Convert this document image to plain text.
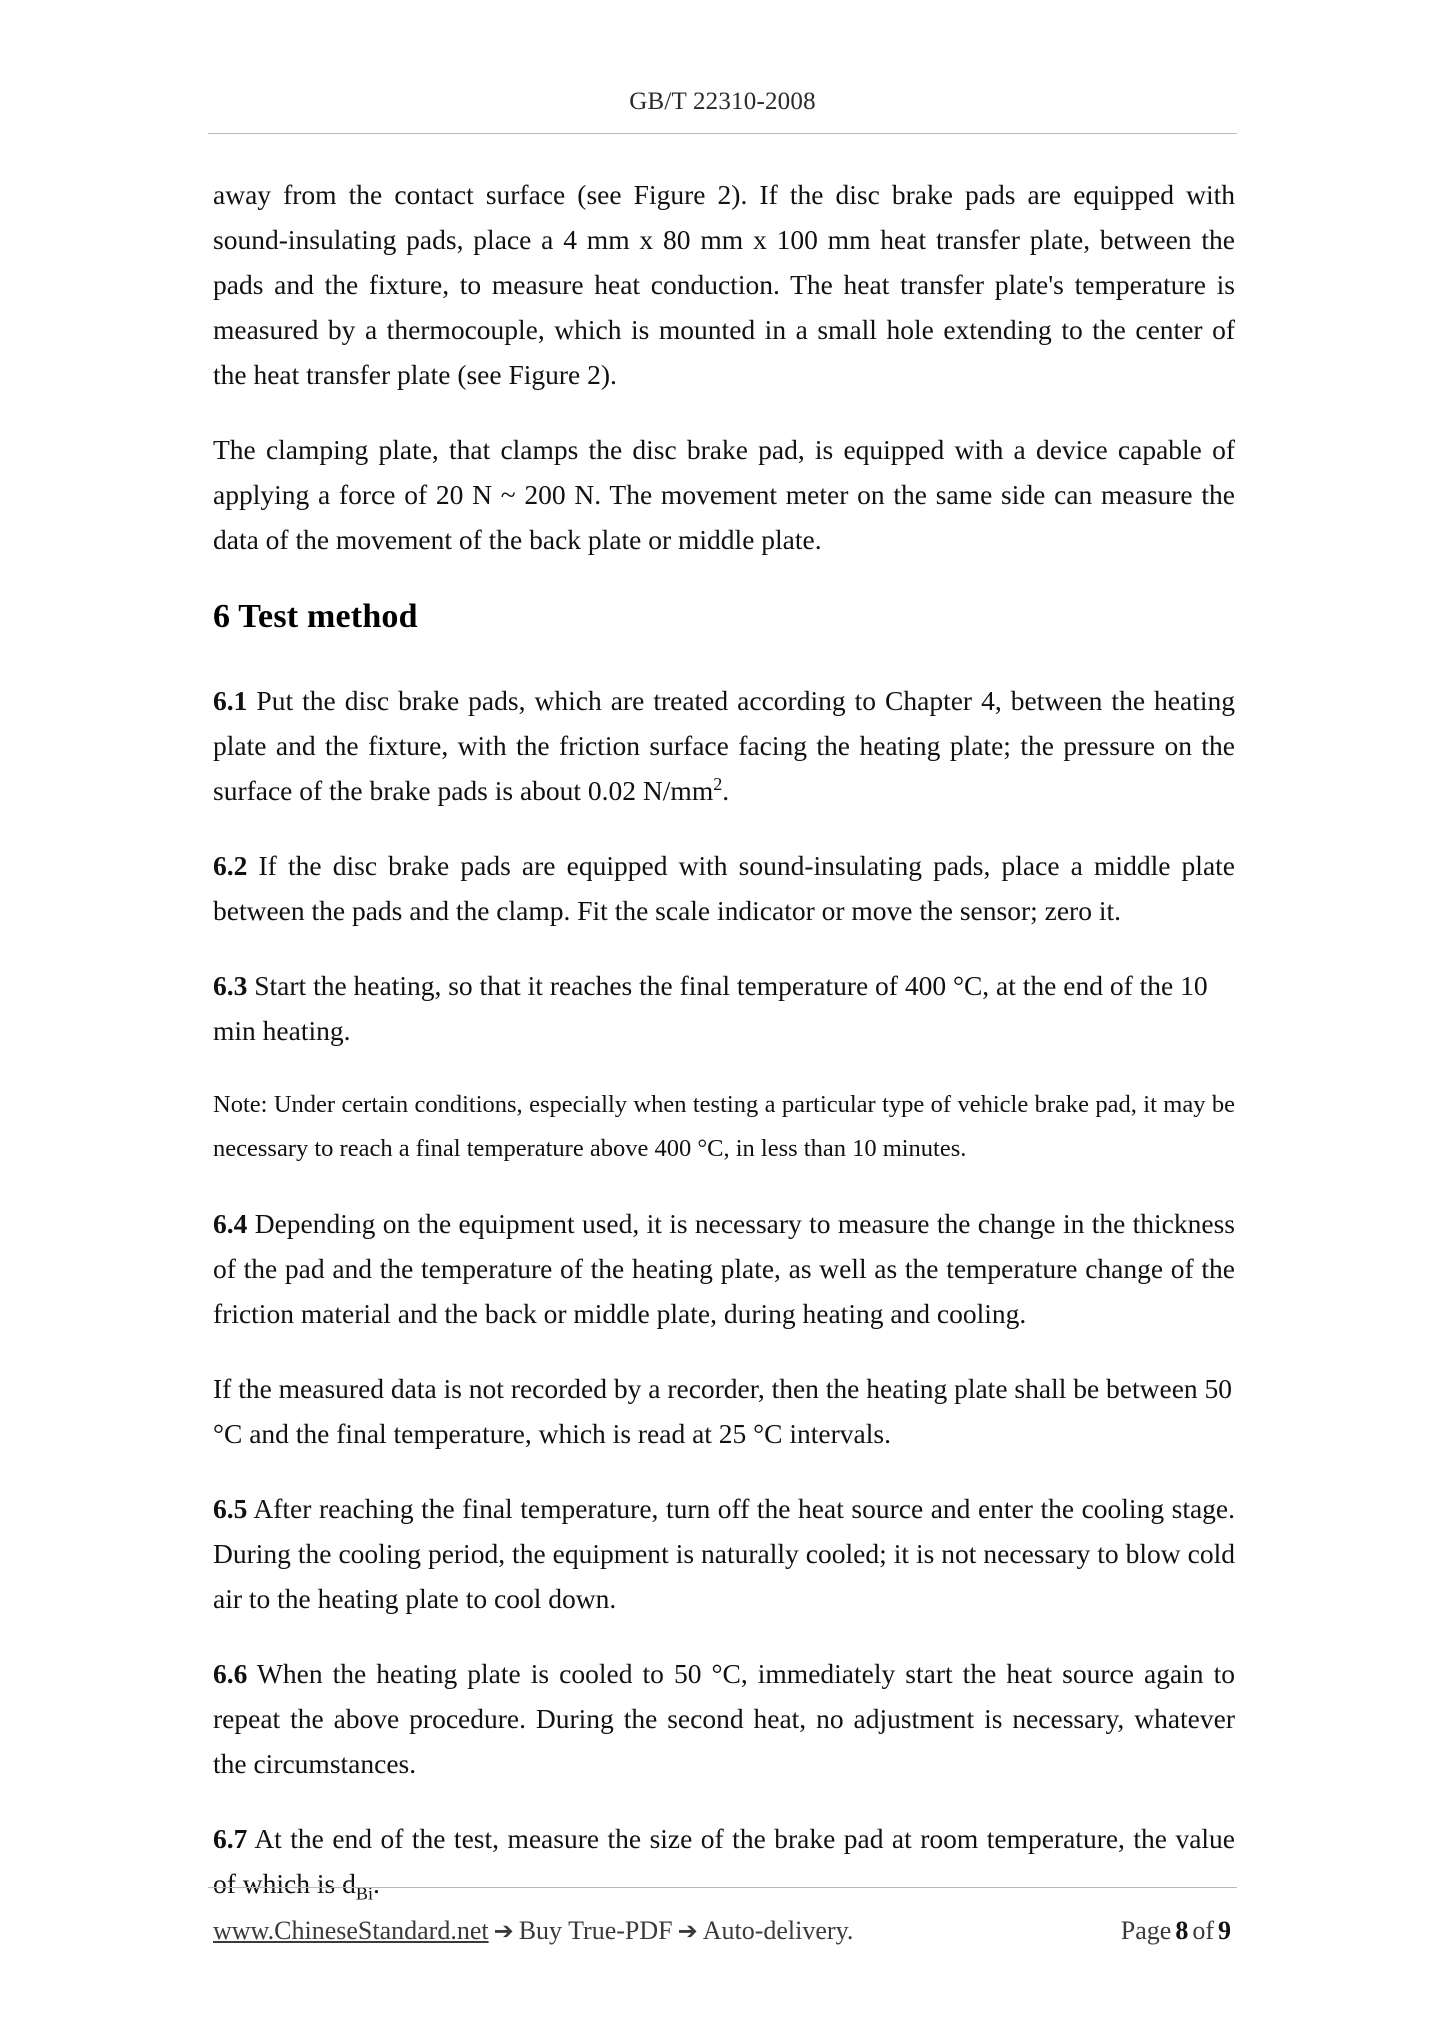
GB/T 22310-2008

away from the contact surface (see Figure 2). If the disc brake pads are equipped with sound-insulating pads, place a 4 mm x 80 mm x 100 mm heat transfer plate, between the pads and the fixture, to measure heat conduction. The heat transfer plate's temperature is measured by a thermocouple, which is mounted in a small hole extending to the center of the heat transfer plate (see Figure 2).

The clamping plate, that clamps the disc brake pad, is equipped with a device capable of applying a force of 20 N ~ 200 N. The movement meter on the same side can measure the data of the movement of the back plate or middle plate.

6 Test method

6.1 Put the disc brake pads, which are treated according to Chapter 4, between the heating plate and the fixture, with the friction surface facing the heating plate; the pressure on the surface of the brake pads is about 0.02 $N/mm^2$.

6.2 If the disc brake pads are equipped with sound-insulating pads, place a middle plate between the pads and the clamp. Fit the scale indicator or move the sensor; zero it.

6.3 Start the heating, so that it reaches the final temperature of 400 °C, at the end of the 10 min heating.

Note: Under certain conditions, especially when testing a particular type of vehicle brake pad, it may be necessary to reach a final temperature above 400 °C, in less than 10 minutes.

6.4 Depending on the equipment used, it is necessary to measure the change in the thickness of the pad and the temperature of the heating plate, as well as the temperature change of the friction material and the back or middle plate, during heating and cooling.

If the measured data is not recorded by a recorder, then the heating plate shall be between 50 °C and the final temperature, which is read at 25 °C intervals.

6.5 After reaching the final temperature, turn off the heat source and enter the cooling stage. During the cooling period, the equipment is naturally cooled; it is not necessary to blow cold air to the heating plate to cool down.

6.6 When the heating plate is cooled to 50 °C, immediately start the heat source again to repeat the above procedure. During the second heat, no adjustment is necessary, whatever the circumstances.

6.7 At the end of the test, measure the size of the brake pad at room temperature, the value of which is $d_{Bi}$.

www.ChineseStandard.net ➔ Buy True-PDF ➔ Auto-delivery.	Page 8 of 9
